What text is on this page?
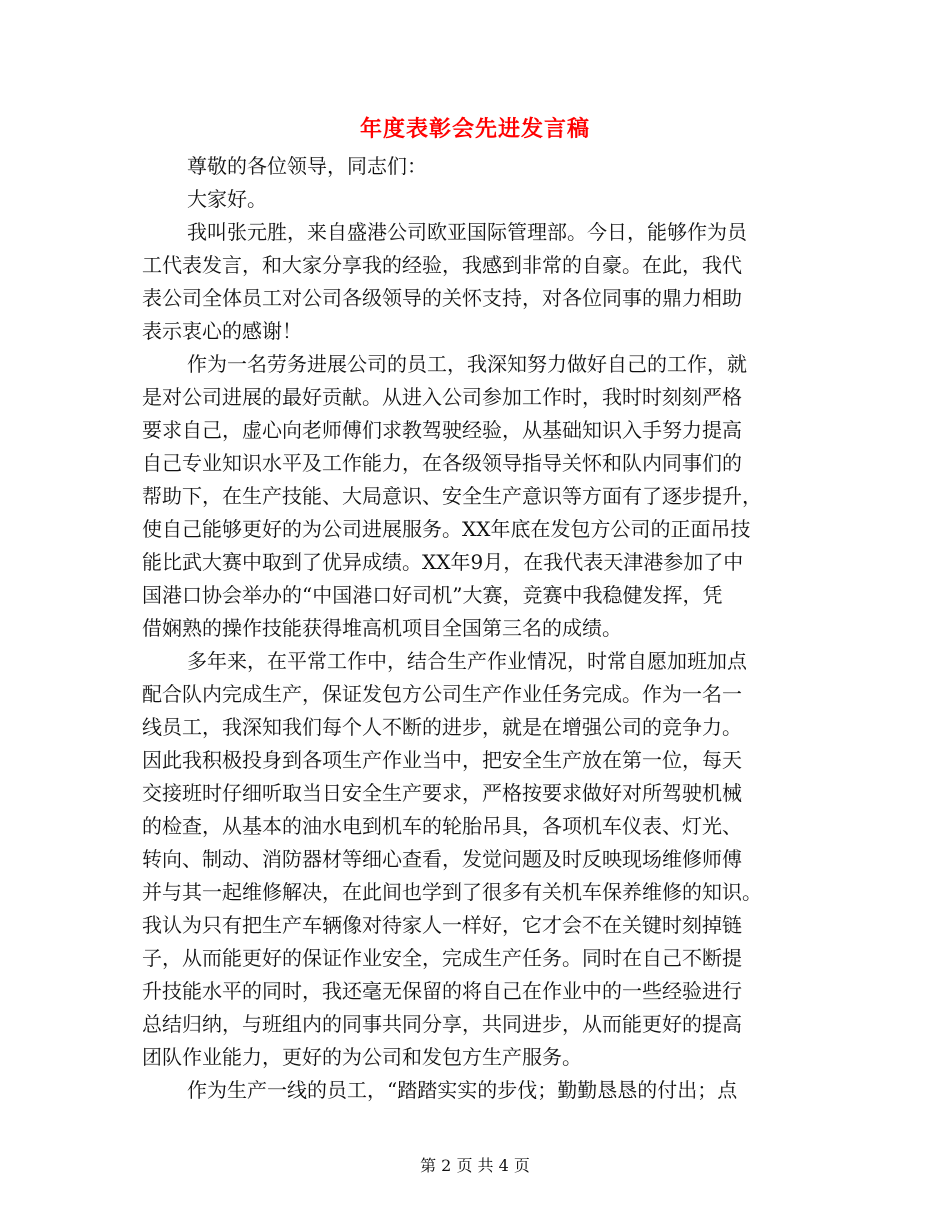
年度表彰会先进发言稿
尊敬的各位领导，同志们：
大家好。
我叫张元胜，来自盛港公司欧亚国际管理部。今日，能够作为员
工代表发言，和大家分享我的经验，我感到非常的自豪。在此，我代
表公司全体员工对公司各级领导的关怀支持，对各位同事的鼎力相助
表示衷心的感谢！
作为一名劳务进展公司的员工，我深知努力做好自己的工作，就
是对公司进展的最好贡献。从进入公司参加工作时，我时时刻刻严格
要求自己，虚心向老师傅们求教驾驶经验，从基础知识入手努力提高
自己专业知识水平及工作能力，在各级领导指导关怀和队内同事们的
帮助下，在生产技能、大局意识、安全生产意识等方面有了逐步提升，
使自己能够更好的为公司进展服务。XX年底在发包方公司的正面吊技
能比武大赛中取到了优异成绩。XX年9月，在我代表天津港参加了中
国港口协会举办的“中国港口好司机”大赛，竞赛中我稳健发挥，凭
借娴熟的操作技能获得堆高机项目全国第三名的成绩。
多年来，在平常工作中，结合生产作业情况，时常自愿加班加点
配合队内完成生产，保证发包方公司生产作业任务完成。作为一名一
线员工，我深知我们每个人不断的进步，就是在增强公司的竞争力。
因此我积极投身到各项生产作业当中，把安全生产放在第一位，每天
交接班时仔细听取当日安全生产要求，严格按要求做好对所驾驶机械
的检查，从基本的油水电到机车的轮胎吊具，各项机车仪表、灯光、
转向、制动、消防器材等细心查看，发觉问题及时反映现场维修师傅
并与其一起维修解决，在此间也学到了很多有关机车保养维修的知识。
我认为只有把生产车辆像对待家人一样好，它才会不在关键时刻掉链
子，从而能更好的保证作业安全，完成生产任务。同时在自己不断提
升技能水平的同时，我还毫无保留的将自己在作业中的一些经验进行
总结归纳，与班组内的同事共同分享，共同进步，从而能更好的提高
团队作业能力，更好的为公司和发包方生产服务。
作为生产一线的员工，“踏踏实实的步伐；勤勤恳恳的付出；点
第 2 页 共 4 页
